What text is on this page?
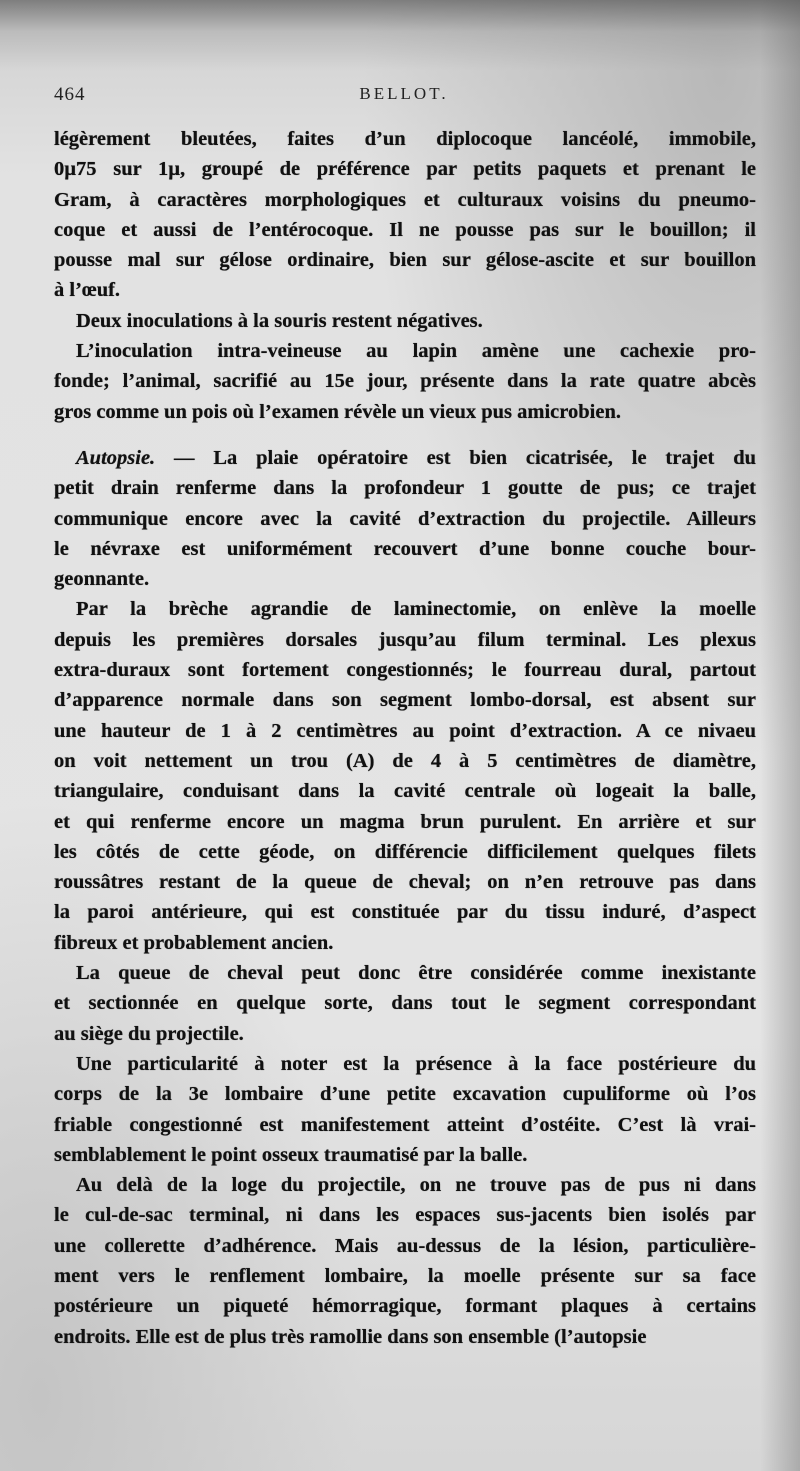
464	BELLOT.
légèrement bleutées, faites d’un diplocoque lancéolé, immobile,
0µ75 sur 1µ, groupé de préférence par petits paquets et prenant le
Gram, à caractères morphologiques et culturaux voisins du pneumo-
coque et aussi de l’entérocoque. Il ne pousse pas sur le bouillon; il
pousse mal sur gélose ordinaire, bien sur gélose-ascite et sur bouillon
à l’œuf.
Deux inoculations à la souris restent négatives.
L’inoculation intra-veineuse au lapin amène une cachexie pro-
fonde; l’animal, sacrifié au 15e jour, présente dans la rate quatre abcès
gros comme un pois où l’examen révèle un vieux pus amicrobien.
Autopsie. — La plaie opératoire est bien cicatrisée, le trajet du
petit drain renferme dans la profondeur 1 goutte de pus; ce trajet
communique encore avec la cavité d’extraction du projectile. Ailleurs
le névraxe est uniformément recouvert d’une bonne couche bour-
geonnante.
Par la brèche agrandie de laminectomie, on enlève la moelle
depuis les premières dorsales jusqu’au filum terminal. Les plexus
extra-duraux sont fortement congestionnés; le fourreau dural, partout
d’apparence normale dans son segment lombo-dorsal, est absent sur
une hauteur de 1 à 2 centimètres au point d’extraction. A ce nivaeu
on voit nettement un trou (A) de 4 à 5 centimètres de diamètre,
triangulaire, conduisant dans la cavité centrale où logeait la balle,
et qui renferme encore un magma brun purulent. En arrière et sur
les côtés de cette géode, on différencie difficilement quelques filets
roussâtres restant de la queue de cheval; on n’en retrouve pas dans
la paroi antérieure, qui est constituée par du tissu induré, d’aspect
fibreux et probablement ancien.
La queue de cheval peut donc être considérée comme inexistante
et sectionnée en quelque sorte, dans tout le segment correspondant
au siège du projectile.
Une particularité à noter est la présence à la face postérieure du
corps de la 3e lombaire d’une petite excavation cupuliforme où l’os
friable congestionné est manifestement atteint d’ostéite. C’est là vrai-
semblablement le point osseux traumatisé par la balle.
Au delà de la loge du projectile, on ne trouve pas de pus ni dans
le cul-de-sac terminal, ni dans les espaces sus-jacents bien isolés par
une collerette d’adhérence. Mais au-dessus de la lésion, particulière-
ment vers le renflement lombaire, la moelle présente sur sa face
postérieure un piqueté hémorragique, formant plaques à certains
endroits. Elle est de plus très ramollie dans son ensemble (l’autopsie
